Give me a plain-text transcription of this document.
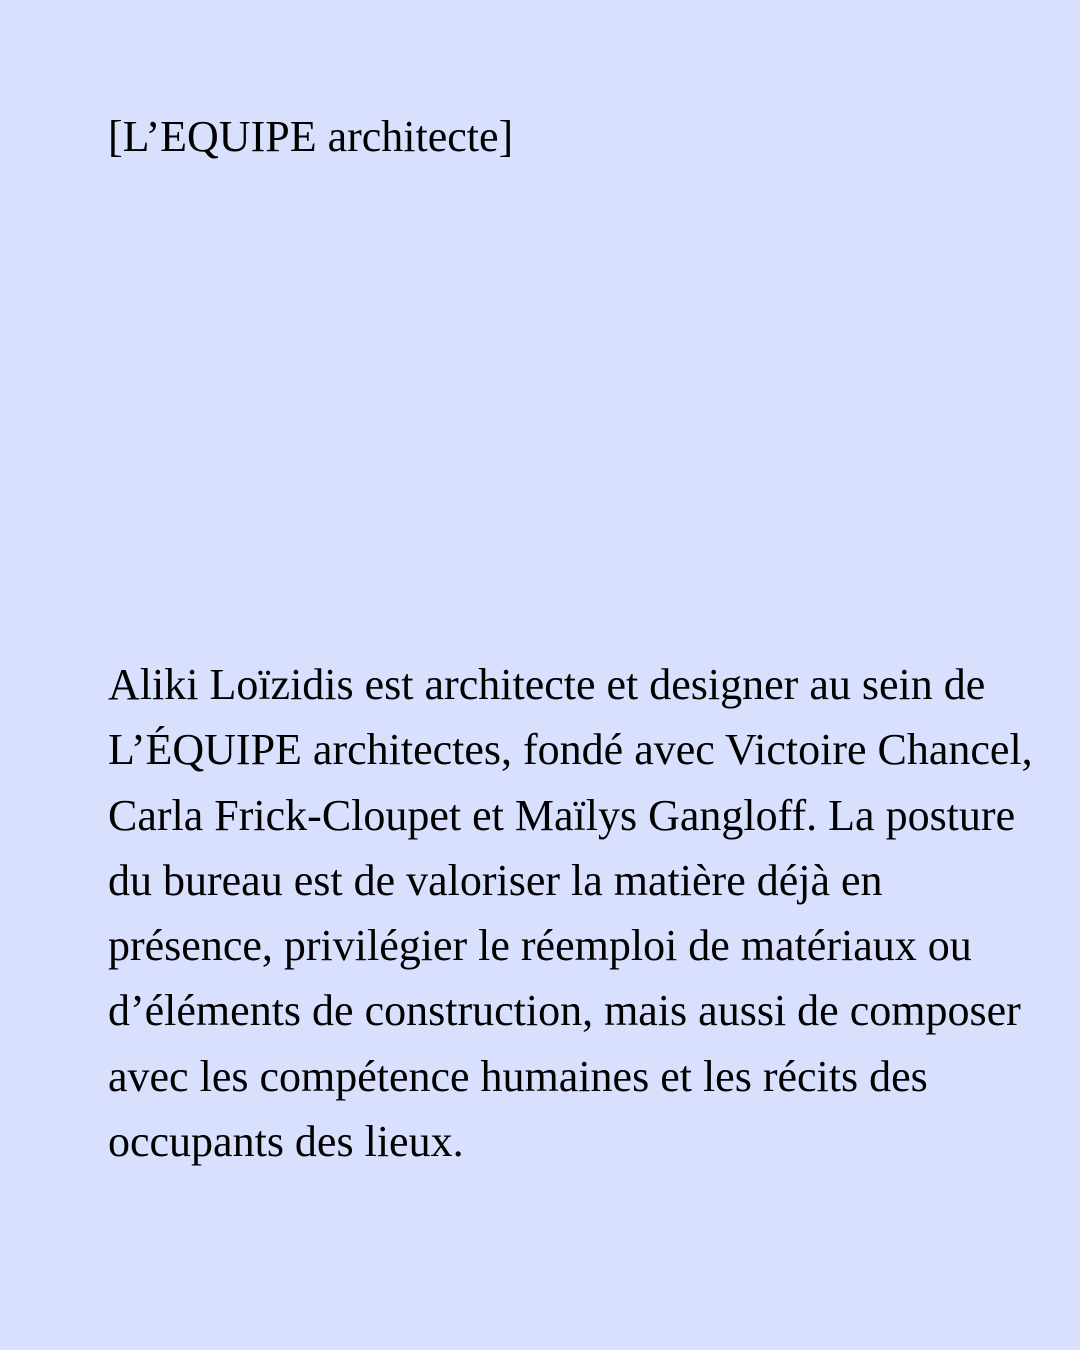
[L’EQUIPE architecte]

Aliki Loïzidis est architecte et designer au sein de L’ÉQUIPE architectes, fondé avec Victoire Chancel, Carla Frick-Cloupet et Maïlys Gangloff. La posture du bureau est de valoriser la matière déjà en présence, privilégier le réemploi de matériaux ou d’éléments de construction, mais aussi de composer avec les compétence humaines et les récits des occupants des lieux.
